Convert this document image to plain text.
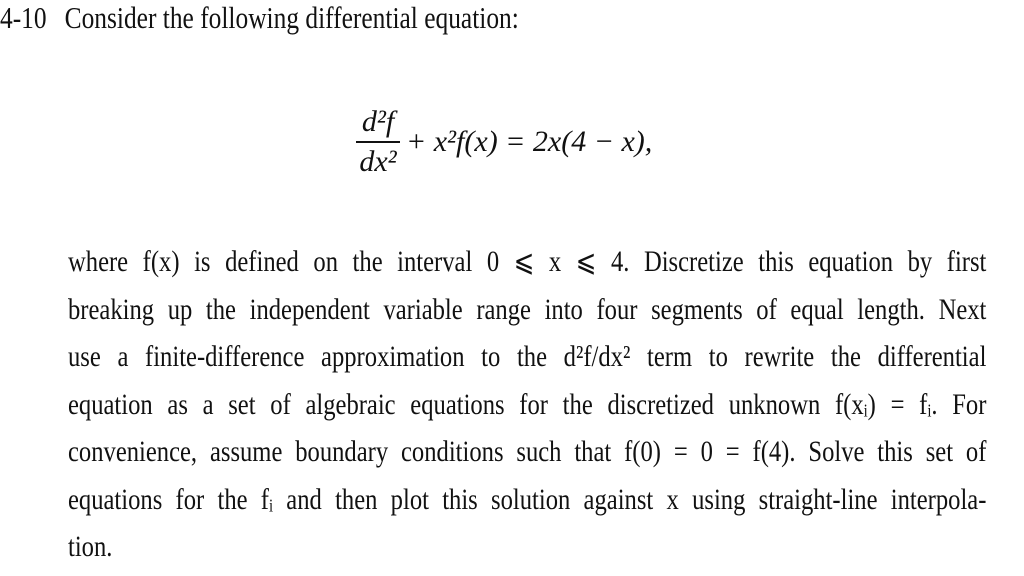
4-10 Consider the following differential equation:
$\frac{\text{d²f}}{\text{dx²}} + x^2f(x) = 2x(4 - x)$,
where f(x) is defined on the interval 0 ⩽ x ⩽ 4. Discretize this equation by first
breaking up the independent variable range into four segments of equal length. Next
use a finite-difference approximation to the d²f/dx² term to rewrite the differential
equation as a set of algebraic equations for the discretized unknown f(xᵢ) = fᵢ. For
convenience, assume boundary conditions such that f(0) = 0 = f(4). Solve this set of
equations for the fᵢ and then plot this solution against x using straight-line interpola-
tion.
